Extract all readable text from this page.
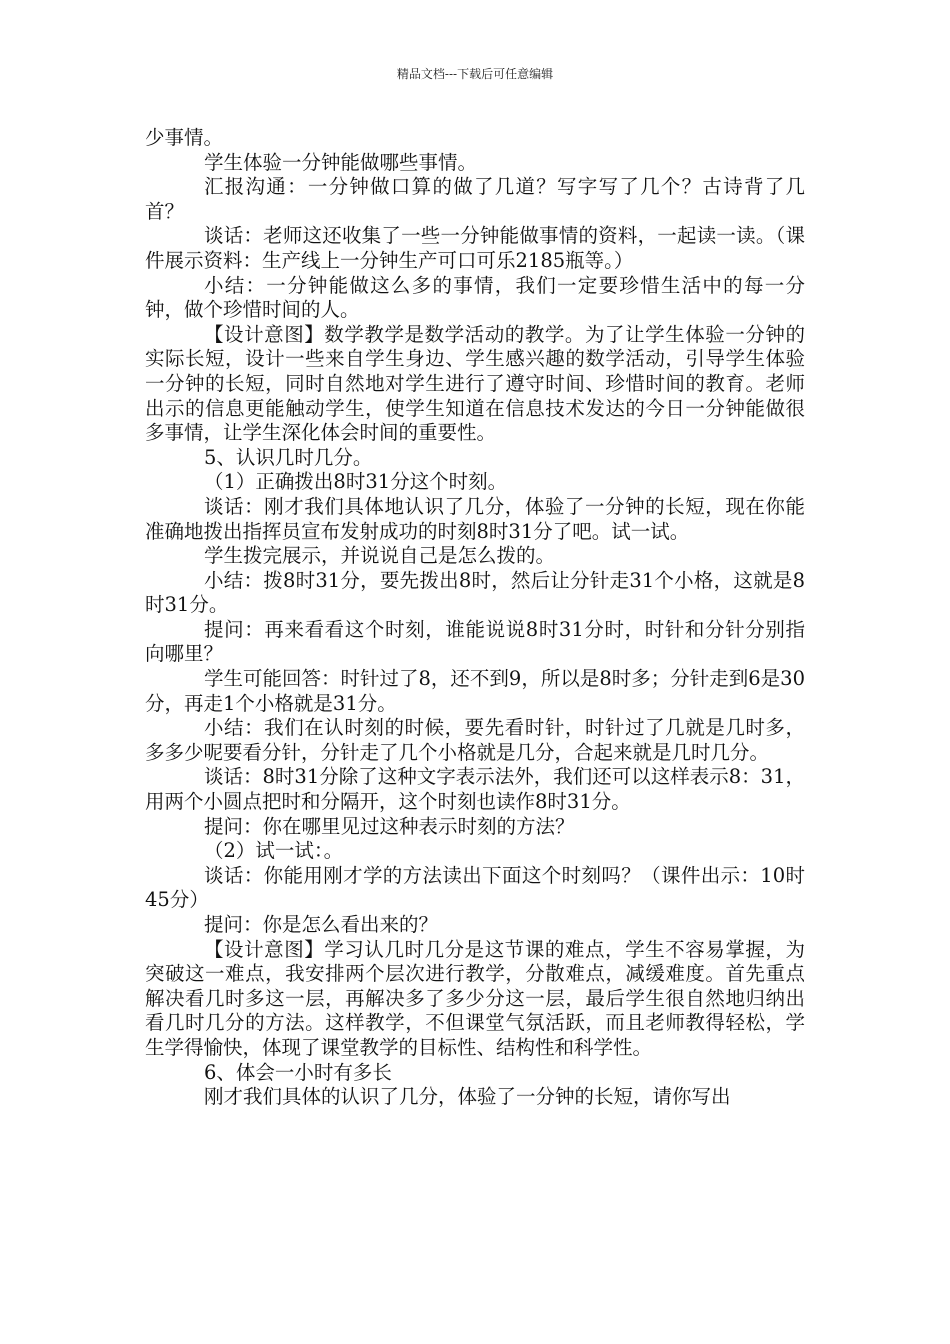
精品文档---下载后可任意编辑

少事情。

学生体验一分钟能做哪些事情。

汇报沟通：一分钟做口算的做了几道？写字写了几个？古诗背了几首？

谈话：老师这还收集了一些一分钟能做事情的资料，一起读一读。（课件展示资料：生产线上一分钟生产可口可乐2185瓶等。）

小结：一分钟能做这么多的事情，我们一定要珍惜生活中的每一分钟，做个珍惜时间的人。

【设计意图】数学教学是数学活动的教学。为了让学生体验一分钟的实际长短，设计一些来自学生身边、学生感兴趣的数学活动，引导学生体验一分钟的长短，同时自然地对学生进行了遵守时间、珍惜时间的教育。老师出示的信息更能触动学生，使学生知道在信息技术发达的今日一分钟能做很多事情，让学生深化体会时间的重要性。

5、认识几时几分。

（1）正确拨出8时31分这个时刻。

谈话：刚才我们具体地认识了几分，体验了一分钟的长短，现在你能准确地拨出指挥员宣布发射成功的时刻8时31分了吧。试一试。

学生拨完展示，并说说自己是怎么拨的。

小结：拨8时31分，要先拨出8时，然后让分针走31个小格，这就是8时31分。

提问：再来看看这个时刻，谁能说说8时31分时，时针和分针分别指向哪里？

学生可能回答：时针过了8，还不到9，所以是8时多；分针走到6是30分，再走1个小格就是31分。

小结：我们在认时刻的时候，要先看时针，时针过了几就是几时多，多多少呢要看分针，分针走了几个小格就是几分，合起来就是几时几分。

谈话：8时31分除了这种文字表示法外，我们还可以这样表示8：31，用两个小圆点把时和分隔开，这个时刻也读作8时31分。

提问：你在哪里见过这种表示时刻的方法？

（2）试一试：。

谈话：你能用刚才学的方法读出下面这个时刻吗？（课件出示：10时45分）

提问：你是怎么看出来的？

【设计意图】学习认几时几分是这节课的难点，学生不容易掌握，为突破这一难点，我安排两个层次进行教学，分散难点，减缓难度。首先重点解决看几时多这一层，再解决多了多少分这一层，最后学生很自然地归纳出看几时几分的方法。这样教学，不但课堂气氛活跃，而且老师教得轻松，学生学得愉快，体现了课堂教学的目标性、结构性和科学性。

6、体会一小时有多长

刚才我们具体的认识了几分，体验了一分钟的长短，请你写出
